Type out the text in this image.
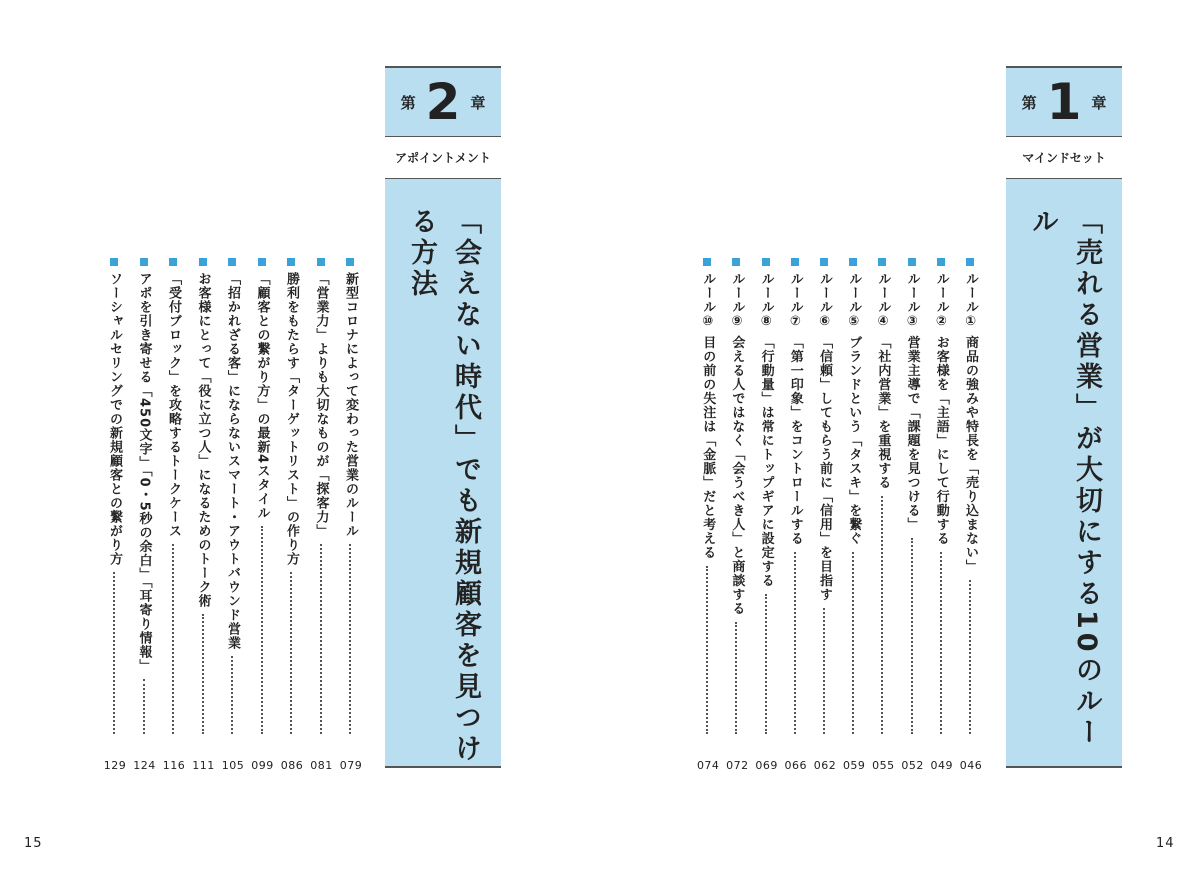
第 2 章
アポイントメント
「会えない時代」でも新規顧客を見つける方法
新型コロナによって変わった営業のルール
079
「営業力」よりも大切なものが「探客力」
081
勝利をもたらす「ターゲットリスト」の作り方
086
「顧客との繋がり方」の最新4スタイル
099
「招かれざる客」にならないスマート・アウトバウンド営業
105
お客様にとって「役に立つ人」になるためのトーク術
111
「受付ブロック」を攻略するトークケース
116
アポを引き寄せる「450文字」「0・5秒の余白」「耳寄り情報」
124
ソーシャルセリングでの新規顧客との繋がり方
129
15
第 1 章
マインドセット
「売れる営業」が大切にする10のルール
ルール① 商品の強みや特長を「売り込まない」
046
ルール② お客様を「主語」にして行動する
049
ルール③ 営業主導で「課題を見つける」
052
ルール④ 「社内営業」を重視する
055
ルール⑤ ブランドという「タスキ」を繋ぐ
059
ルール⑥ 「信頼」してもらう前に「信用」を目指す
062
ルール⑦ 「第一印象」をコントロールする
066
ルール⑧ 「行動量」は常にトップギアに設定する
069
ルール⑨ 会える人ではなく「会うべき人」と商談する
072
ルール⑩ 目の前の失注は「金脈」だと考える
074
14
